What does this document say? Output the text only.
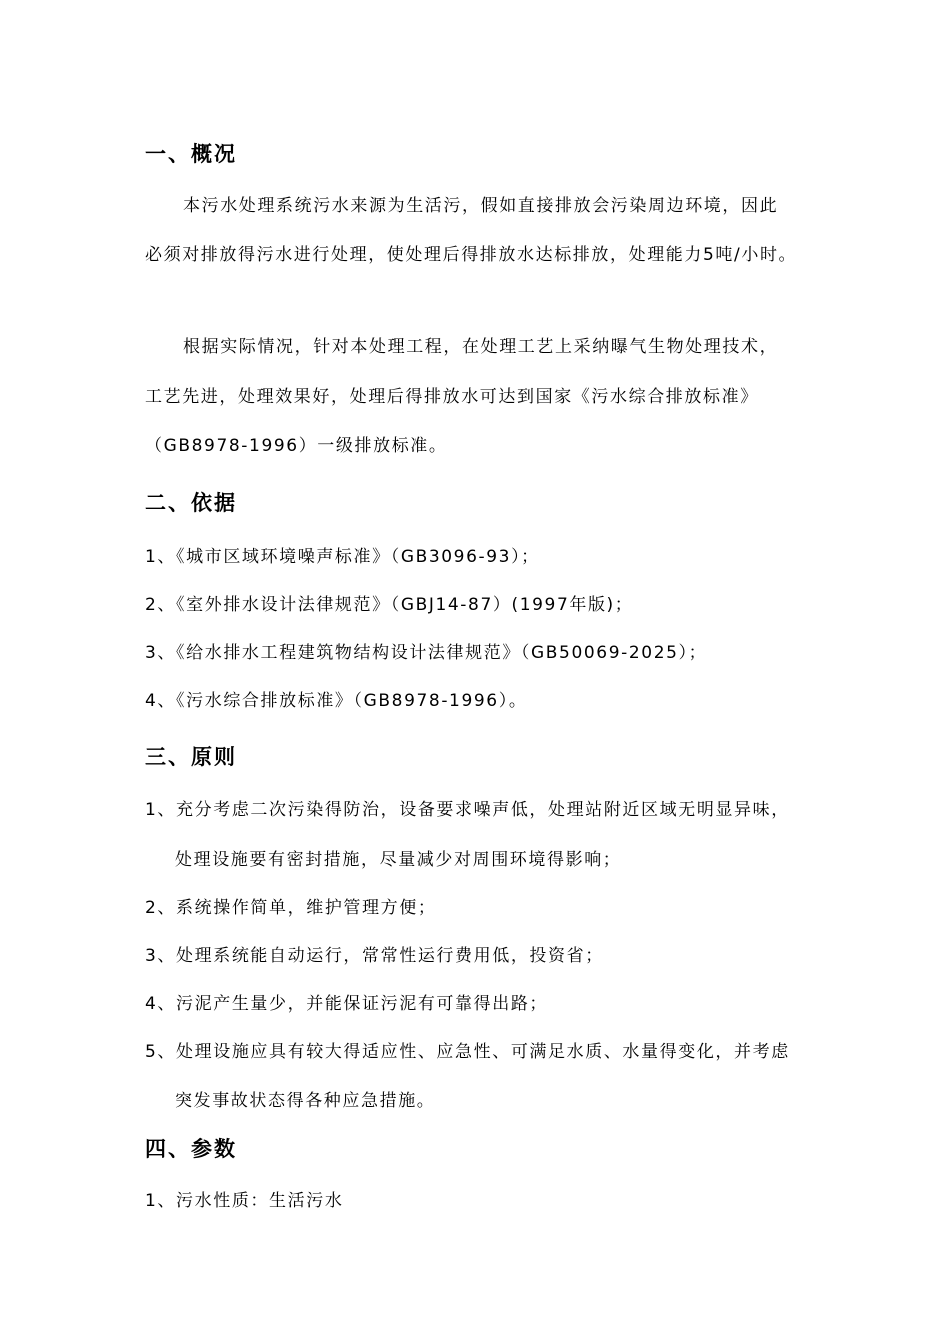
一、概况
本污水处理系统污水来源为生活污，假如直接排放会污染周边环境，因此
必须对排放得污水进行处理，使处理后得排放水达标排放，处理能力5吨/小时。
根据实际情况，针对本处理工程，在处理工艺上采纳曝气生物处理技术，
工艺先进，处理效果好，处理后得排放水可达到国家《污水综合排放标准》
（GB8978-1996）一级排放标准。
二、依据
1、《城市区域环境噪声标准》（GB3096-93）；
2、《室外排水设计法律规范》（GBJ14-87）(1997年版)；
3、《给水排水工程建筑物结构设计法律规范》（GB50069-2025）；
4、《污水综合排放标准》（GB8978-1996）。
三、原则
1、充分考虑二次污染得防治，设备要求噪声低，处理站附近区域无明显异味，
处理设施要有密封措施，尽量减少对周围环境得影响；
2、系统操作简单，维护管理方便；
3、处理系统能自动运行，常常性运行费用低，投资省；
4、污泥产生量少，并能保证污泥有可靠得出路；
5、处理设施应具有较大得适应性、应急性、可满足水质、水量得变化，并考虑
突发事故状态得各种应急措施。
四、参数
1、污水性质：生活污水
